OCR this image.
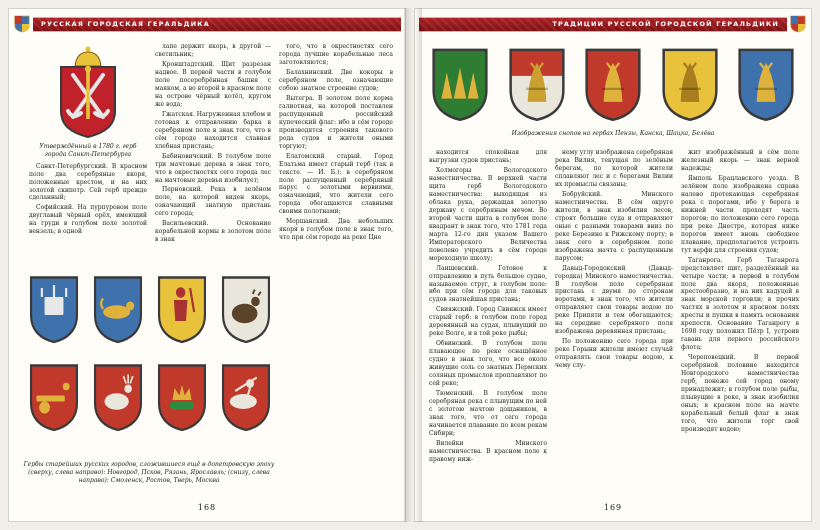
РУССКАЯ ГОРОДСКАЯ ГЕРАЛЬДИКА
Утверждённый в 1780 г. герб города Санкт-Петербурга

Санкт-Петербургский. В красном поле два серебряные якоря, положенные крестом, и на них золотой скипетр. Сей герб прежде сделанный;

Софийский. На пурпуровом поле двуглавый чёрный орёл, имеющий на груди в голубом поле золотой вензель; в одной

лапе держит якорь, в другой — светильник;

Кронштадтский. Щит разрезан надвое. В первой части в голубом поле посеребрённая башня с маяком, а во второй в красном поле на острове чёрный котёл, кругом же вода;

Гжатская. Нагруженная хлебом и готовая к отправлению барка в серебряном поле в знак того, что в сём городе находится славная хлебная пристань;

Бабиновичский. В голубом поле три мачтовые дерева в знак того, что в окрестностях сего города лес на мачтовые деревья изобилует;

Перновский. Река в зелёном поле, на которой виден якорь, означающий знатную пристань сего города;

Васильевский. Основание корабельной кормы в золотом поле в знак

того, что в окрестностях сего города лучшие корабельные леса заготовляются;

Балахнинский. Две кокоры в серебряном поле, означающие собою знатное строение судов;

Вытегра. В золотом поле корма галиотная, на которой поставлен распущенный российский купеческий флаг: ибо в сём городе производятся строения такового рода судов и жители оными торгуют;

Елатомский старый. Город Елатьма имеет старый герб (так в тексте. — И. Б.): в серебряном поле распущенный серебряный парус с золотыми вервиями, означающий, что жители сего города обогащаются славными своими полотнами;

Моршанский. Два небольших якоря в голубом поле в знак того, что при сём городе на реке Цне

Гербы старейших русских городов, сложившиеся ещё в допетровскую эпоху (сверху, слева направо): Новгород, Псков, Рязань, Ярославль; (снизу, слева направо): Смоленск, Ростов, Тверь, Москва
168
ТРАДИЦИИ РУССКОЙ ГОРОДСКОЙ ГЕРАЛЬДИКИ
Изображения снопов на гербах Пензы, Канска, Шацка, Белёва

находится спокойная для выгрузки судов пристань;

Холмогоры Вологодского наместничества. В верхней части щита герб Вологодского наместничества: выходящая из облака рука, держащая золотую державу с серебряным мечом. Во второй части щита в голубом поле квадрант в знак того, что 1781 года марта 12-го дня указом Вашего Императорского Величества повелено учредить в сём городе мореходную школу;

Лаишевский. Готовое к отправлению в путь большое судно, называемое струг, в голубом поле: ибо при сём городе для таковых судов знатнейшая пристань;

Свияжский. Город Свияжск имеет старый герб: в голубом поле город деревянный на судах, плывущий по реке Волге, и в той реке рыбы;

Обвинский. В голубом поле плавающее по реке оснащённое судно в знак того, что все около живущие соль со знатных Пермских соляных промыслов проплавляют по сей реке;

Тюменский. В голубом поле серебряная река с плывущим по ней с золотою мачтою дощаником, в знак того, что от сего города начинается плавание по всем рекам Сибири;

Вилейки Минского наместничества. В красном поле к правому ниж-

нему углу изображена серебряная река Вилия, текущая по зелёным берегам, по которой жители сплавляют лес и с берегами Вилии их промыслы связаны;

Бобруйский. Минского наместничества. В сём округе жители, в знак изобилия лесов, строят большие суда и отправляют оные с разными товарами вниз по реке Березине к Рижскому порту; в знак сего в серебряном поле изображена мачта с распущенным парусом;

Давыд-Городокский (Давыд-городка) Минского наместничества. В голубом поле серебряная пристань с двумя по сторонам воротами, в знак того, что жители отправляют свои товары водою по реке Припяти и тем обогащаются; на середине серебряного поля изображена деревянная пристань;

По положению сего города при реке Горыни жители имеют случай отправлять свои товары водою, к чему слу-

жит изображённый в сём поле железный якорь — знак верной надежды;

Ямполь Брацлавского уезда. В зелёном поле изображена справа налево протекающая серебряная река с порогами, ибо у берега в нижней части проходят часть порогов; по положению сего города при реке Днестре, которая ниже порогов имеет вновь свободное плавание, предполагается устроить тут верфи для строения судов;

Таганрога. Герб Таганрога представляет щит, разделённый на четыре части; в первой в голубом поле два якоря, положенные крестообразно, и на них кадуцей в знак морской торговли; в прочих частях в золотом и красном полях кресты и пушки в память основания крепости. Основание Таганрогу в 1698 году положил Пётр I, устроив гавань для первого российского флота;

Череповецкий. В первой серебряной половине находится Новгородского наместничества герб, понеже сей город оному принадлежит; в голубом поле рыбы, плывущие в реке, в знак изобилия оных; в красном поле на мачте корабельный белый флаг в знак того, что жители торг свой производят водою;

169
